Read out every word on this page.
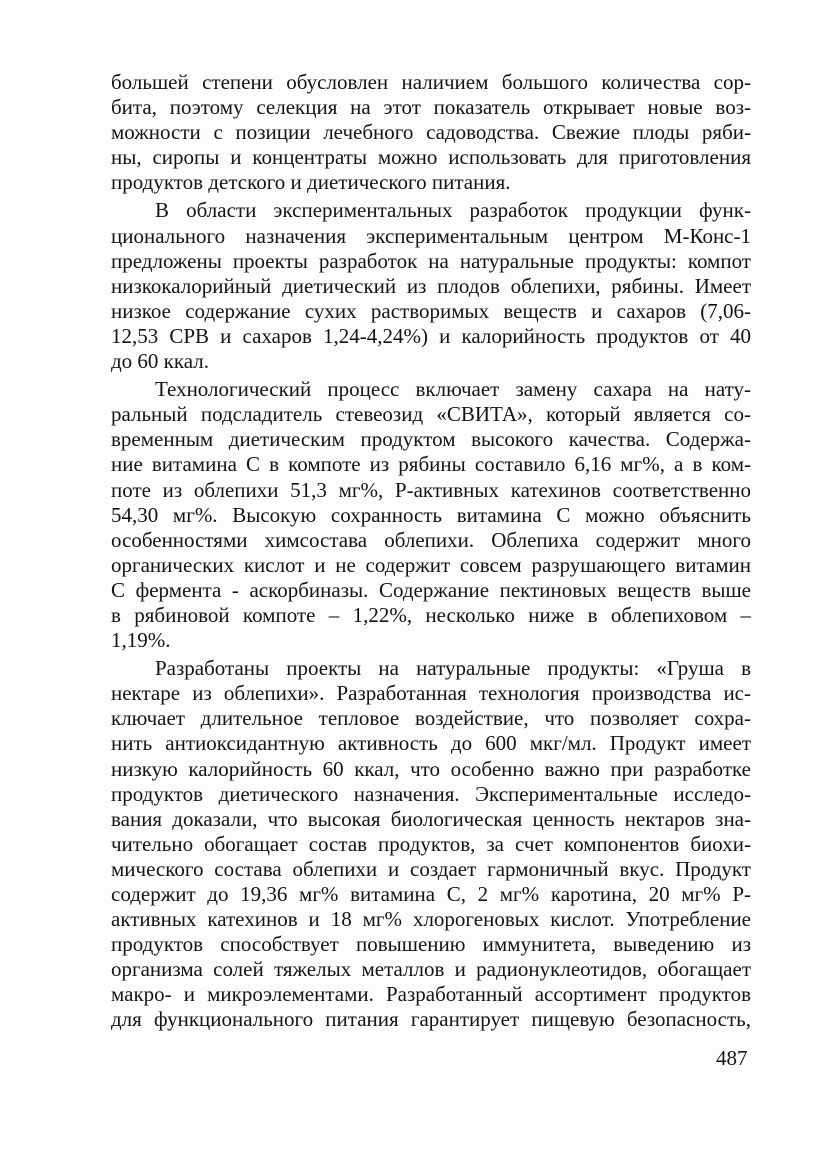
большей степени обусловлен наличием большого количества сор-
бита, поэтому селекция на этот показатель открывает новые воз-
можности с позиции лечебного садоводства. Свежие плоды ряби-
ны, сиропы и концентраты можно использовать для приготовления
продуктов детского и диетического питания.
В области экспериментальных разработок продукции функ-
ционального назначения экспериментальным центром М-Конс-1
предложены проекты разработок на натуральные продукты: компот
низкокалорийный диетический из плодов облепихи, рябины. Имеет
низкое содержание сухих растворимых веществ и сахаров (7,06-
12,53 СРВ и сахаров 1,24-4,24%) и калорийность продуктов от 40
до 60 ккал.
Технологический процесс включает замену сахара на нату-
ральный подсладитель стевеозид «СВИТА», который является со-
временным диетическим продуктом высокого качества. Содержа-
ние витамина С в компоте из рябины составило 6,16 мг%, а в ком-
поте из облепихи 51,3 мг%, Р-активных катехинов соответственно
54,30 мг%. Высокую сохранность витамина С можно объяснить
особенностями химсостава облепихи. Облепиха содержит много
органических кислот и не содержит совсем разрушающего витамин
С фермента - аскорбиназы. Содержание пектиновых веществ выше
в рябиновой компоте – 1,22%, несколько ниже в облепиховом –
1,19%.
Разработаны проекты на натуральные продукты: «Груша в
нектаре из облепихи». Разработанная технология производства ис-
ключает длительное тепловое воздействие, что позволяет сохра-
нить антиоксидантную активность до 600 мкг/мл. Продукт имеет
низкую калорийность 60 ккал, что особенно важно при разработке
продуктов диетического назначения. Экспериментальные исследо-
вания доказали, что высокая биологическая ценность нектаров зна-
чительно обогащает состав продуктов, за счет компонентов биохи-
мического состава облепихи и создает гармоничный вкус. Продукт
содержит до 19,36 мг% витамина С, 2 мг% каротина, 20 мг% Р-
активных катехинов и 18 мг% хлорогеновых кислот. Употребление
продуктов способствует повышению иммунитета, выведению из
организма солей тяжелых металлов и радионуклеотидов, обогащает
макро- и микроэлементами. Разработанный ассортимент продуктов
для функционального питания гарантирует пищевую безопасность,
487
